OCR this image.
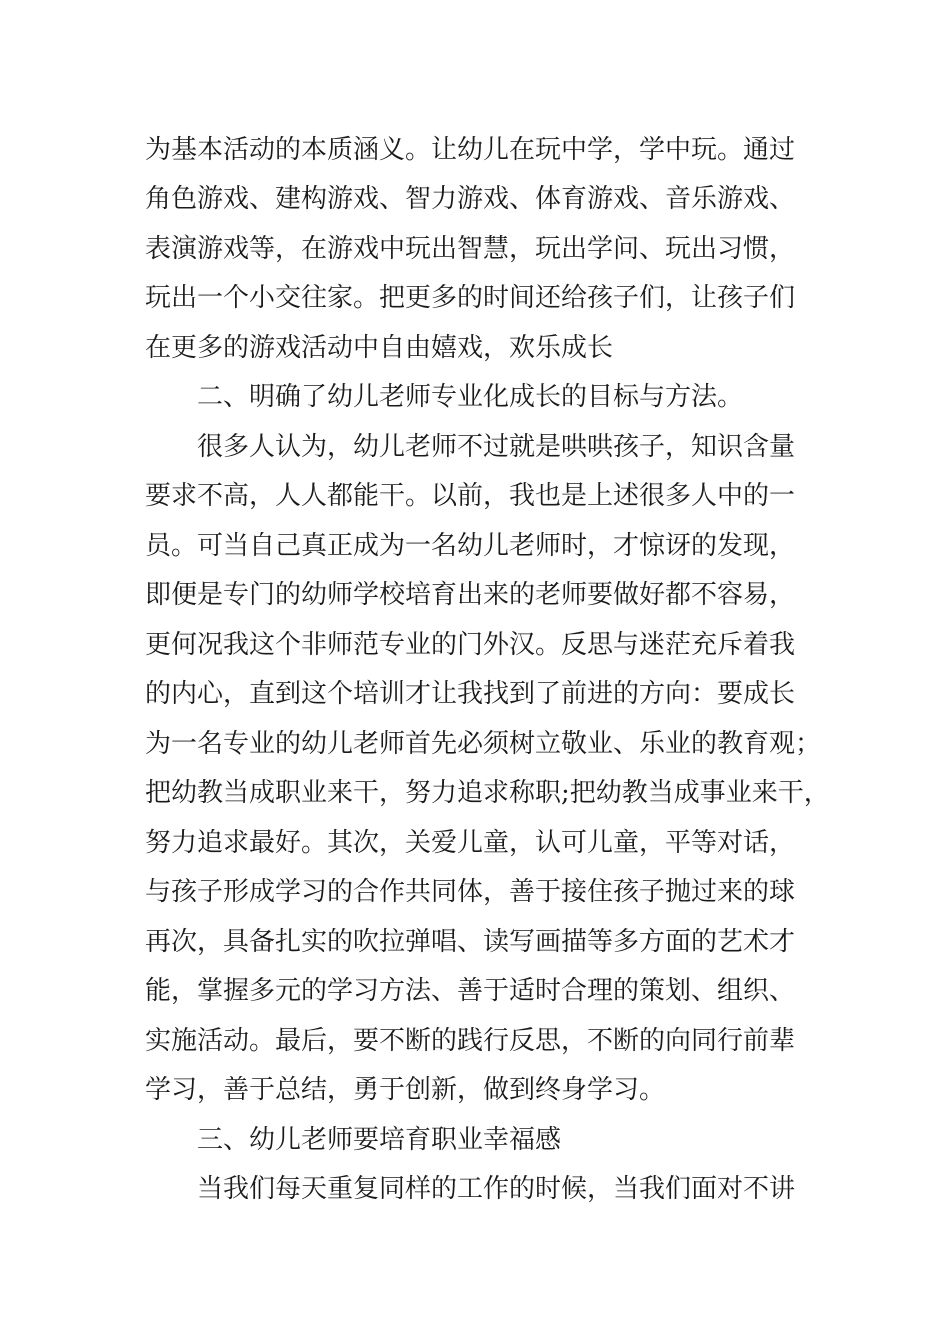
为基本活动的本质涵义。让幼儿在玩中学，学中玩。通过

角色游戏、建构游戏、智力游戏、体育游戏、音乐游戏、

表演游戏等，在游戏中玩出智慧，玩出学问、玩出习惯，

玩出一个小交往家。把更多的时间还给孩子们，让孩子们

在更多的游戏活动中自由嬉戏，欢乐成长

二、明确了幼儿老师专业化成长的目标与方法。

很多人认为，幼儿老师不过就是哄哄孩子，知识含量

要求不高，人人都能干。以前，我也是上述很多人中的一

员。可当自己真正成为一名幼儿老师时，才惊讶的发现，

即便是专门的幼师学校培育出来的老师要做好都不容易，

更何况我这个非师范专业的门外汉。反思与迷茫充斥着我

的内心，直到这个培训才让我找到了前进的方向：要成长

为一名专业的幼儿老师首先必须树立敬业、乐业的教育观；

把幼教当成职业来干，努力追求称职;把幼教当成事业来干，

努力追求最好。其次，关爱儿童，认可儿童，平等对话，

与孩子形成学习的合作共同体，善于接住孩子抛过来的球

再次，具备扎实的吹拉弹唱、读写画描等多方面的艺术才

能，掌握多元的学习方法、善于适时合理的策划、组织、

实施活动。最后，要不断的践行反思，不断的向同行前辈

学习，善于总结，勇于创新，做到终身学习。

三、幼儿老师要培育职业幸福感

当我们每天重复同样的工作的时候，当我们面对不讲
